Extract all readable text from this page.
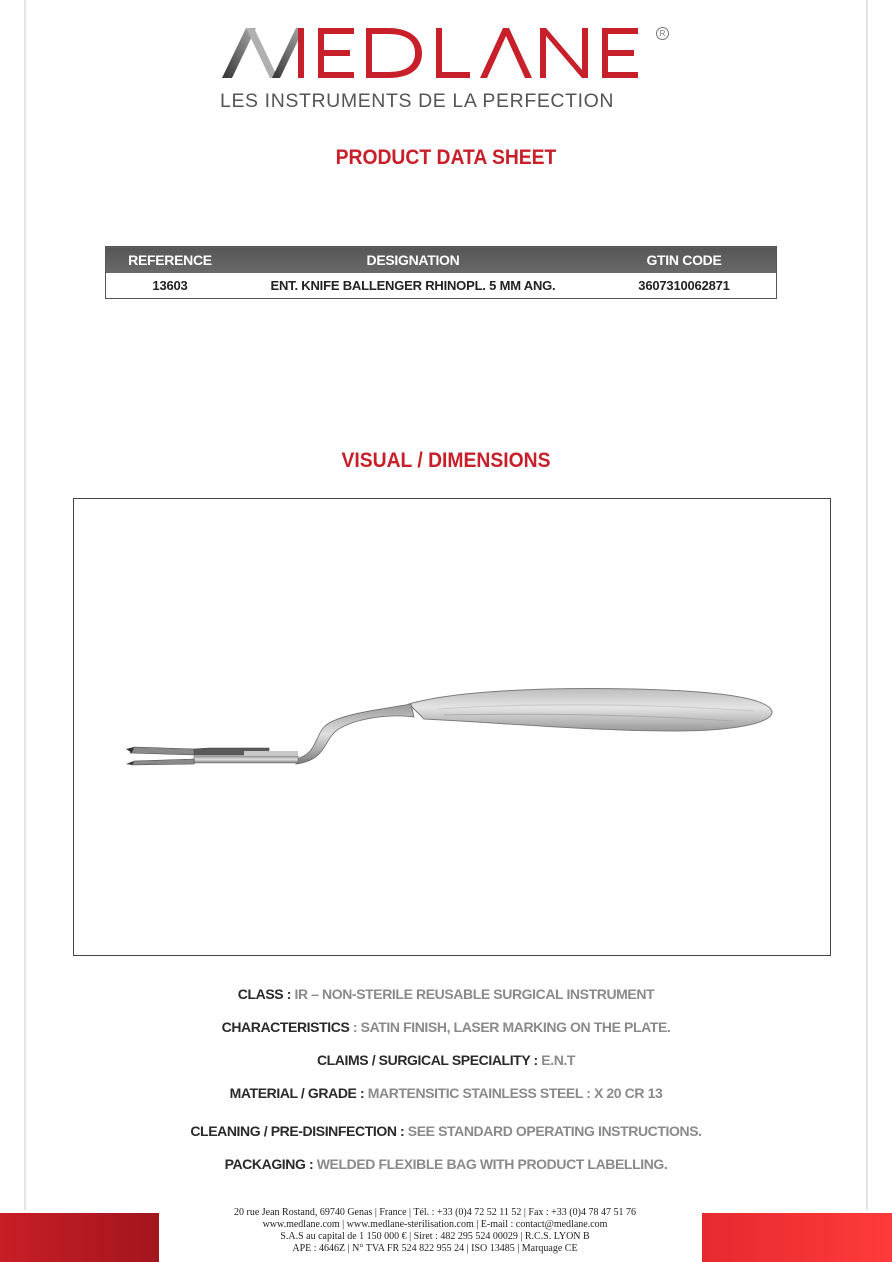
R
LES INSTRUMENTS DE LA PERFECTION
PRODUCT DATA SHEET
REFERENCE	DESIGNATION	GTIN CODE
13603	ENT. KNIFE BALLENGER RHINOPL. 5 MM ANG.	3607310062871
VISUAL / DIMENSIONS
CLASS : IR – NON-STERILE REUSABLE SURGICAL INSTRUMENT
CHARACTERISTICS : SATIN FINISH, LASER MARKING ON THE PLATE.
CLAIMS / SURGICAL SPECIALITY : E.N.T
MATERIAL / GRADE : MARTENSITIC STAINLESS STEEL : X 20 CR 13
CLEANING / PRE-DISINFECTION : SEE STANDARD OPERATING INSTRUCTIONS.
PACKAGING : WELDED FLEXIBLE BAG WITH PRODUCT LABELLING.
20 rue Jean Rostand, 69740 Genas | France | Tél. : +33 (0)4 72 52 11 52 | Fax : +33 (0)4 78 47 51 76
www.medlane.com | www.medlane-sterilisation.com | E-mail : contact@medlane.com
S.A.S au capital de 1 150 000 € | Siret : 482 295 524 00029 | R.C.S. LYON B
APE : 4646Z | N° TVA FR 524 822 955 24 | ISO 13485 | Marquage CE
